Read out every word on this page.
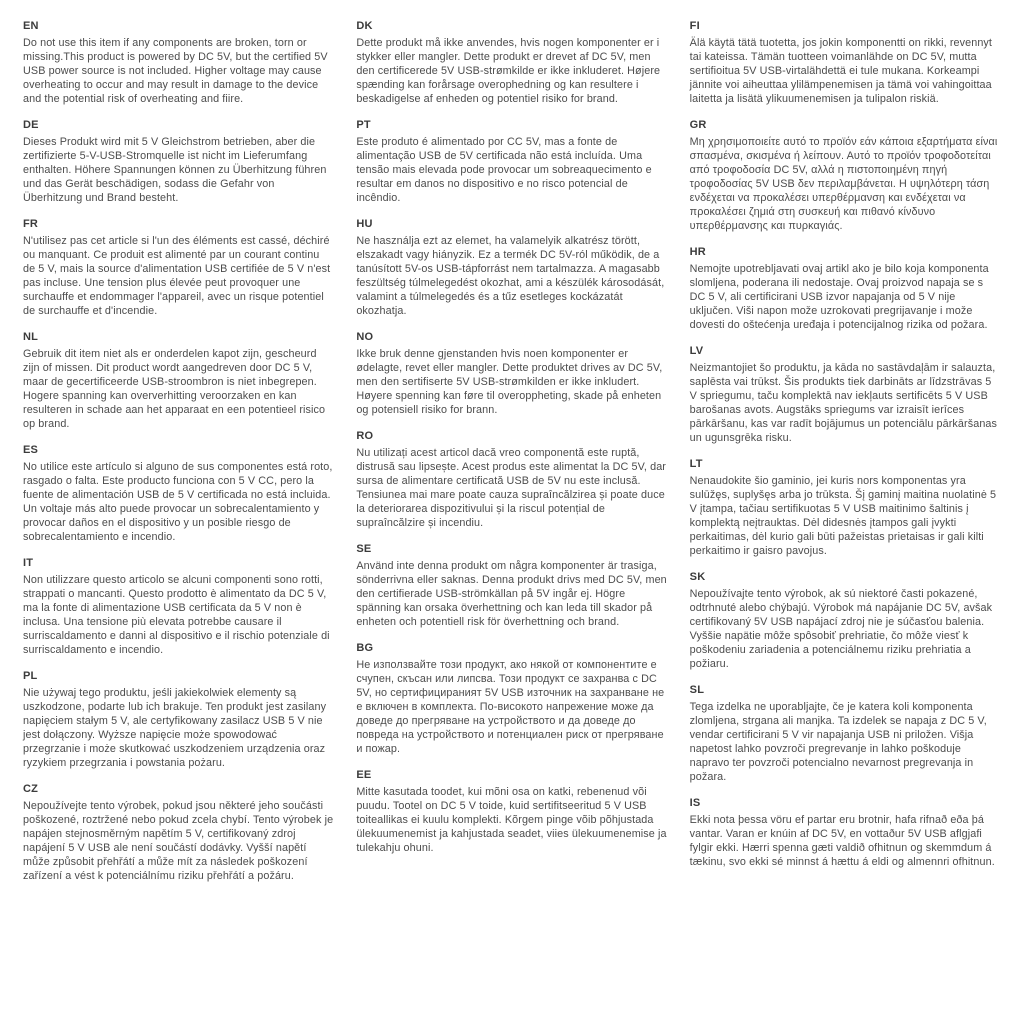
EN

Do not use this item if any components are broken, torn or missing.This product is powered by DC 5V, but the certified 5V USB power source is not included. Higher voltage may cause overheating to occur and may result in damage to the device and the potential risk of overheating and fiire.

DE

Dieses Produkt wird mit 5 V Gleichstrom betrieben, aber die zertifizierte 5-V-USB-Stromquelle ist nicht im Lieferumfang enthalten. Höhere Spannungen können zu Überhitzung führen und das Gerät beschädigen, sodass die Gefahr von Überhitzung und Brand besteht.

FR

N'utilisez pas cet article si l'un des éléments est cassé, déchiré ou manquant. Ce produit est alimenté par un courant continu de 5 V, mais la source d'alimentation USB certifiée de 5 V n'est pas incluse. Une tension plus élevée peut provoquer une surchauffe et endommager l'appareil, avec un risque potentiel de surchauffe et d'incendie.

NL

Gebruik dit item niet als er onderdelen kapot zijn, gescheurd zijn of missen. Dit product wordt aangedreven door DC 5 V, maar de gecertificeerde USB-stroombron is niet inbegrepen. Hogere spanning kan oververhitting veroorzaken en kan resulteren in schade aan het apparaat en een potentieel risico op brand.

ES

No utilice este artículo si alguno de sus componentes está roto, rasgado o falta. Este producto funciona con 5 V CC, pero la fuente de alimentación USB de 5 V certificada no está incluida. Un voltaje más alto puede provocar un sobrecalentamiento y provocar daños en el dispositivo y un posible riesgo de sobrecalentamiento e incendio.

IT

Non utilizzare questo articolo se alcuni componenti sono rotti, strappati o mancanti. Questo prodotto è alimentato da DC 5 V, ma la fonte di alimentazione USB certificata da 5 V non è inclusa. Una tensione più elevata potrebbe causare il surriscaldamento e danni al dispositivo e il rischio potenziale di surriscaldamento e incendio.

PL

Nie używaj tego produktu, jeśli jakiekolwiek elementy są uszkodzone, podarte lub ich brakuje. Ten produkt jest zasilany napięciem stałym 5 V, ale certyfikowany zasilacz USB 5 V nie jest dołączony. Wyższe napięcie może spowodować przegrzanie i może skutkować uszkodzeniem urządzenia oraz ryzykiem przegrzania i powstania pożaru.

CZ

Nepoužívejte tento výrobek, pokud jsou některé jeho součásti poškozené, roztržené nebo pokud zcela chybí. Tento výrobek je napájen stejnosměrným napětím 5 V, certifikovaný zdroj napájení 5 V USB ale není součástí dodávky. Vyšší napětí může způsobit přehřátí a může mít za následek poškození zařízení a vést k potenciálnímu riziku přehřátí a požáru.

DK

Dette produkt må ikke anvendes, hvis nogen komponenter er i stykker eller mangler. Dette produkt er drevet af DC 5V, men den certificerede 5V USB-strømkilde er ikke inkluderet. Højere spænding kan forårsage overophedning og kan resultere i beskadigelse af enheden og potentiel risiko for brand.

PT

Este produto é alimentado por CC 5V, mas a fonte de alimentação USB de 5V certificada não está incluída. Uma tensão mais elevada pode provocar um sobreaquecimento e resultar em danos no dispositivo e no risco potencial de incêndio.

HU

Ne használja ezt az elemet, ha valamelyik alkatrész törött, elszakadt vagy hiányzik. Ez a termék DC 5V-ról működik, de a tanúsított 5V-os USB-tápforrást nem tartalmazza. A magasabb feszültség túlmelegedést okozhat, ami a készülék károsodását, valamint a túlmelegedés és a tűz esetleges kockázatát okozhatja.

NO

Ikke bruk denne gjenstanden hvis noen komponenter er ødelagte, revet eller mangler. Dette produktet drives av DC 5V, men den sertifiserte 5V USB-strømkilden er ikke inkludert. Høyere spenning kan føre til overoppheting, skade på enheten og potensiell risiko for brann.

RO

Nu utilizați acest articol dacă vreo componentă este ruptă, distrusă sau lipsește. Acest produs este alimentat la DC 5V, dar sursa de alimentare certificată USB de 5V nu este inclusă. Tensiunea mai mare poate cauza supraîncălzirea și poate duce la deteriorarea dispozitivului și la riscul potențial de supraîncălzire și incendiu.

SE

Använd inte denna produkt om några komponenter är trasiga, sönderrivna eller saknas. Denna produkt drivs med DC 5V, men den certifierade USB-strömkällan på 5V ingår ej. Högre spänning kan orsaka överhettning och kan leda till skador på enheten och potentiell risk för överhettning och brand.

BG

Не използвайте този продукт, ако някой от компонентите е счупен, скъсан или липсва. Този продукт се захранва с DC 5V, но сертифицираният 5V USB източник на захранване не е включен в комплекта. По-високото напрежение може да доведе до прегряване на устройството и да доведе до повреда на устройството и потенциален риск от прегряване и пожар.

EE

Mitte kasutada toodet, kui mõni osa on katki, rebenenud või puudu. Tootel on DC 5 V toide, kuid sertifitseeritud 5 V USB toiteallikas ei kuulu komplekti. Kõrgem pinge võib põhjustada ülekuumenemist ja kahjustada seadet, viies ülekuumenemise ja tulekahju ohuni.

FI

Älä käytä tätä tuotetta, jos jokin komponentti on rikki, revennyt tai kateissa. Tämän tuotteen voimanlähde on DC 5V, mutta sertifioitua 5V USB-virtalähdettä ei tule mukana. Korkeampi jännite voi aiheuttaa ylilämpenemisen ja tämä voi vahingoittaa laitetta ja lisätä ylikuumenemisen ja tulipalon riskiä.

GR

Μη χρησιμοποιείτε αυτό το προϊόν εάν κάποια εξαρτήματα είναι σπασμένα, σκισμένα ή λείπουν. Αυτό το προϊόν τροφοδοτείται από τροφοδοσία DC 5V, αλλά η πιστοποιημένη πηγή τροφοδοσίας 5V USB δεν περιλαμβάνεται. Η υψηλότερη τάση ενδέχεται να προκαλέσει υπερθέρμανση και ενδέχεται να προκαλέσει ζημιά στη συσκευή και πιθανό κίνδυνο υπερθέρμανσης και πυρκαγιάς.

HR

Nemojte upotrebljavati ovaj artikl ako je bilo koja komponenta slomljena, poderana ili nedostaje. Ovaj proizvod napaja se s DC 5 V, ali certificirani USB izvor napajanja od 5 V nije uključen. Viši napon može uzrokovati pregrijavanje i može dovesti do oštećenja uređaja i potencijalnog rizika od požara.

LV

Neizmantojiet šo produktu, ja kāda no sastāvdaļām ir salauzta, saplēsta vai trūkst. Šis produkts tiek darbināts ar līdzstrāvas 5 V spriegumu, taču komplektā nav iekļauts sertificēts 5 V USB barošanas avots. Augstāks spriegums var izraisīt ierīces pārkāršanu, kas var radīt bojājumus un potenciālu pārkāršanas un ugunsgrēka risku.

LT

Nenaudokite šio gaminio, jei kuris nors komponentas yra sulūžęs, suplyšęs arba jo trūksta. Šį gaminį maitina nuolatinė 5 V įtampa, tačiau sertifikuotas 5 V USB maitinimo šaltinis į komplektą neįtrauktas. Dėl didesnės įtampos gali įvykti perkaitimas, dėl kurio gali būti pažeistas prietaisas ir gali kilti perkaitimo ir gaisro pavojus.

SK

Nepoužívajte tento výrobok, ak sú niektoré časti pokazené, odtrhnuté alebo chýbajú. Výrobok má napájanie DC 5V, avšak certifikovaný 5V USB napájací zdroj nie je súčasťou balenia. Vyššie napätie môže spôsobiť prehriatie, čo môže viesť k poškodeniu zariadenia a potenciálnemu riziku prehriatia a požiaru.

SL

Tega izdelka ne uporabljajte, če je katera koli komponenta zlomljena, strgana ali manjka. Ta izdelek se napaja z DC 5 V, vendar certificirani 5 V vir napajanja USB ni priložen. Višja napetost lahko povzroči pregrevanje in lahko poškoduje napravo ter povzroči potencialno nevarnost pregrevanja in požara.

IS

Ekki nota þessa vöru ef partar eru brotnir, hafa rifnað eða þá vantar. Varan er knúin af DC 5V, en vottaður 5V USB aflgjafi fylgir ekki. Hærri spenna gæti valdið ofhitnun og skemmdum á tækinu, svo ekki sé minnst á hættu á eldi og almennri ofhitnun.
